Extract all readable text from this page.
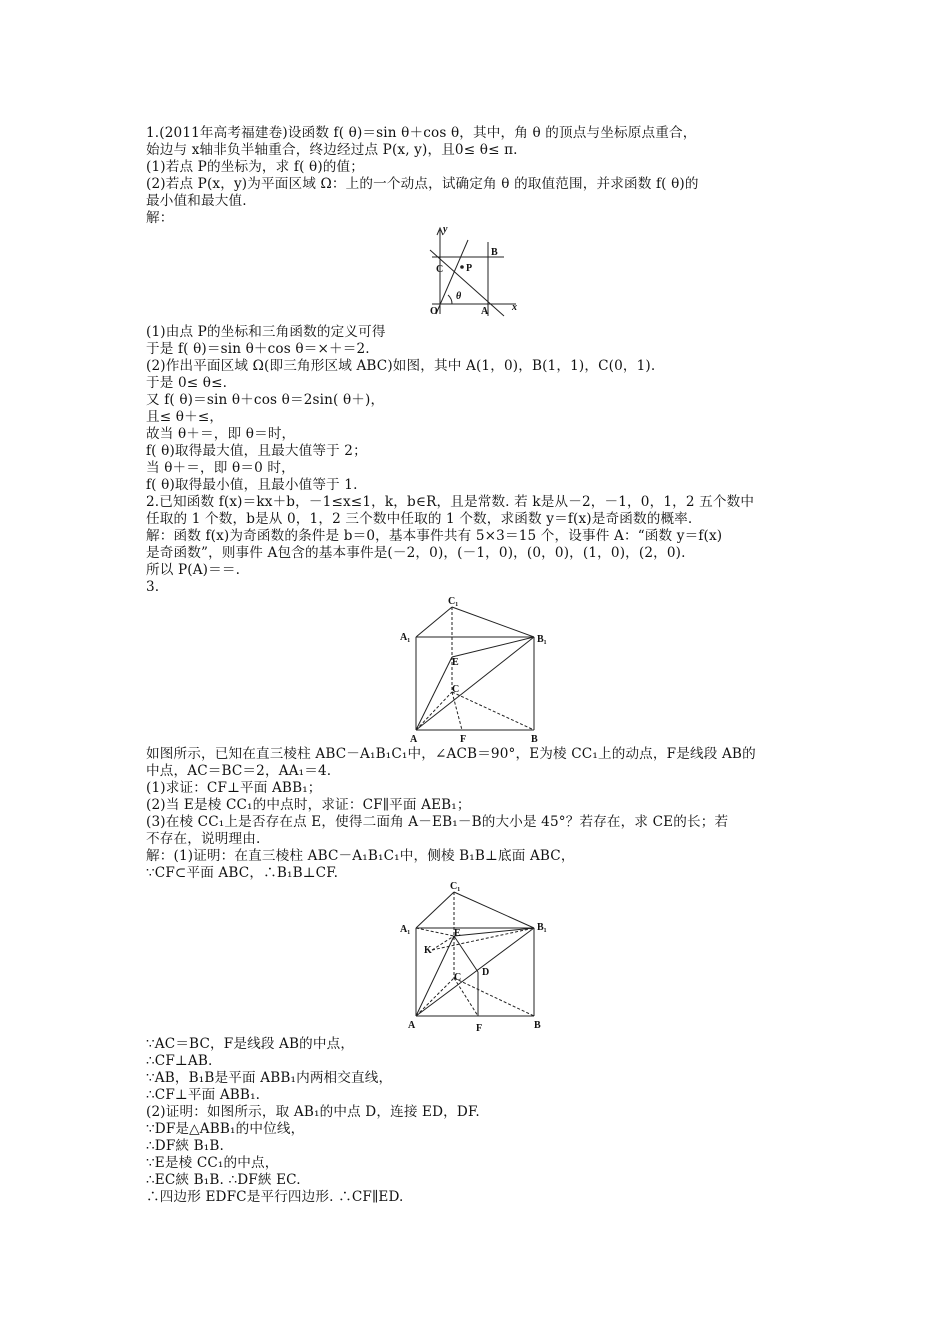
1.(2011年高考福建卷)设函数 f( θ)＝sin θ＋cos θ，其中，角 θ 的顶点与坐标原点重合，
始边与 x轴非负半轴重合，终边经过点 P(x, y)，且0≤ θ≤ π.
(1)若点 P的坐标为，求 f( θ)的值；
(2)若点 P(x，y)为平面区域 Ω：上的一个动点，试确定角 θ 的取值范围，并求函数 f( θ)的
最小值和最大值.
解：
y
x
B
C P
O
θ
A
(1)由点 P的坐标和三角函数的定义可得
于是 f( θ)＝sin θ＋cos θ＝×＋＝2.
(2)作出平面区域 Ω(即三角形区域 ABC)如图，其中 A(1，0)，B(1，1)，C(0，1).
于是 0≤ θ≤.
又 f( θ)＝sin θ＋cos θ＝2sin( θ＋)，
且≤ θ＋≤，
故当 θ＋＝，即 θ＝时，
f( θ)取得最大值，且最大值等于 2；
当 θ＋＝，即 θ＝0 时，
f( θ)取得最小值，且最小值等于 1.
2.已知函数 f(x)＝kx＋b，－1≤x≤1，k，b∈R，且是常数. 若 k是从－2，－1，0，1，2 五个数中
任取的 1 个数，b是从 0，1，2 三个数中任取的 1 个数，求函数 y＝f(x)是奇函数的概率.
解：函数 f(x)为奇函数的条件是 b＝0，基本事件共有 5×3＝15 个，设事件 A：“函数 y＝f(x)
是奇函数”，则事件 A包含的基本事件是(－2，0)，(－1，0)，(0，0)，(1，0)，(2，0).
所以 P(A)＝＝.
3.
C₁
A₁	B₁
E
C
A	F	B
如图所示，已知在直三棱柱 ABC－A₁B₁C₁中，∠ACB＝90°，E为棱 CC₁上的动点，F是线段 AB的
中点，AC＝BC＝2，AA₁＝4.
(1)求证：CF⊥平面 ABB₁；
(2)当 E是棱 CC₁的中点时，求证：CF∥平面 AEB₁；
(3)在棱 CC₁上是否存在点 E，使得二面角 A－EB₁－B的大小是 45°？若存在，求 CE的长；若
不存在，说明理由.
解：(1)证明：在直三棱柱 ABC－A₁B₁C₁中，侧棱 B₁B⊥底面 ABC，
∵CF⊂平面 ABC，∴B₁B⊥CF.
C₁
A₁	B₁
E
K
C D
A	F	B
∵AC＝BC，F是线段 AB的中点，
∴CF⊥AB.
∵AB，B₁B是平面 ABB₁内两相交直线，
∴CF⊥平面 ABB₁.
(2)证明：如图所示，取 AB₁的中点 D，连接 ED，DF.
∵DF是△ABB₁的中位线，
∴DF綊 B₁B.
∵E是棱 CC₁的中点，
∴EC綊 B₁B. ∴DF綊 EC.
∴四边形 EDFC是平行四边形. ∴CF∥ED.
